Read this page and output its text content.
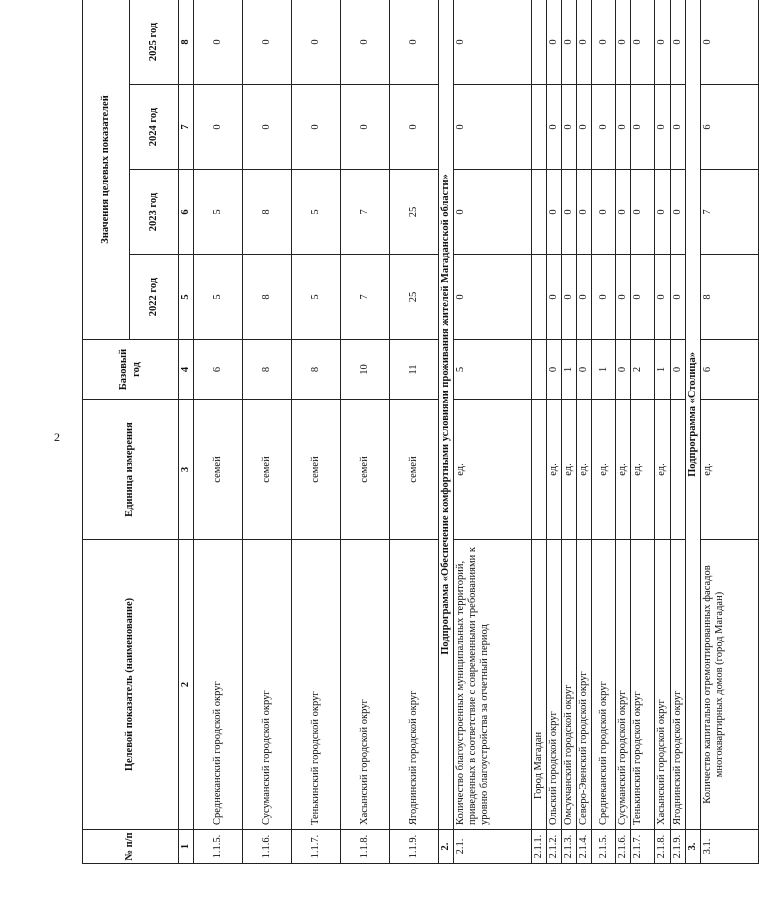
2
№ п/п	Целевой показатель (наименование)	Единица измерения	Базовый год	Значения целевых показателей			
				2022 год	2023 год	2024 год	2025 год
1	2	3	4	5	6	7	8
1.1.5.	Среднеканский городской округ	семей	6	5	5	0	0
1.1.6.	Сусуманский городской округ	семей	8	8	8	0	0
1.1.7.	Тенькинский городской округ	семей	8	5	5	0	0
1.1.8.	Хасынский городской округ	семей	10	7	7	0	0
1.1.9.	Ягоднинский городской округ	семей	11	25	25	0	0
2.	Подпрограмма «Обеспечение комфортными условиями проживания жителей Магаданской области»						
2.1.	Количество благоустроенных муниципальных территорий, приведенных в соответствие с современными требованиями к уровню благоустройства за отчетный период	ед.	5	0	0	0	0
2.1.1.	Город Магадан						
2.1.2.	Ольский городской округ	ед.	0	0	0	0	0
2.1.3.	Омсукчанский городской округ	ед.	1	0	0	0	0
2.1.4.	Северо-Эвенский городской округ	ед.	0	0	0	0	0
2.1.5.	Среднеканский городской округ	ед.	1	0	0	0	0
2.1.6.	Сусуманский городской округ	ед.	0	0	0	0	0
2.1.7.	Тенькинский городской округ	ед.	2	0	0	0	0
2.1.8.	Хасынский городской округ	ед.	1	0	0	0	0
2.1.9.	Ягоднинский городской округ		0	0	0	0	0
3.	Подпрограмма «Столица»						
3.1.	Количество капитально отремонтированных фасадов многоквартирных домов (город Магадан)	ед.	6	8	7	6	0
